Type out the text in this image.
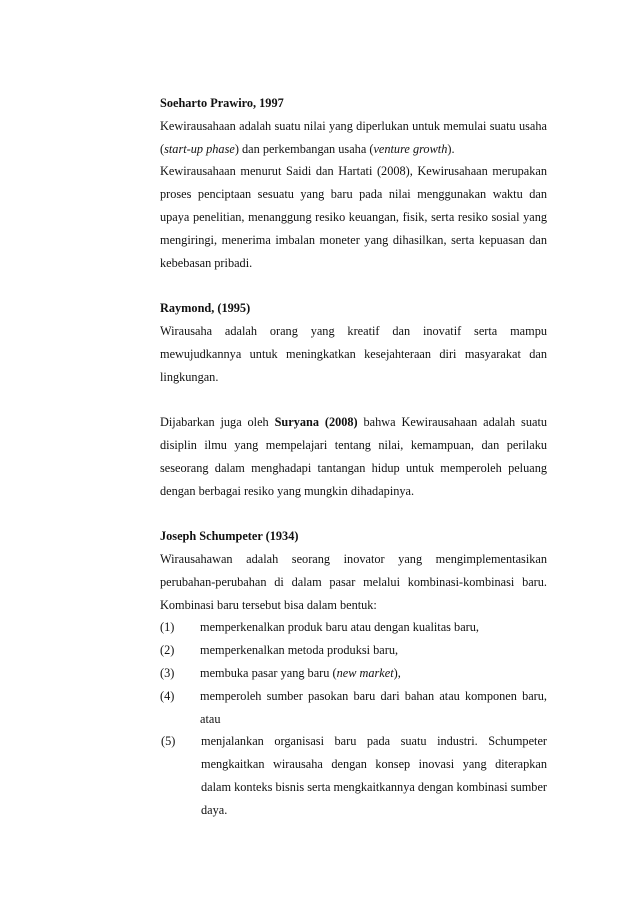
Soeharto Prawiro, 1997

Kewirausahaan adalah suatu nilai yang diperlukan untuk memulai suatu usaha (start-up phase) dan perkembangan usaha (venture growth).

Kewirausahaan menurut Saidi dan Hartati (2008), Kewirusahaan merupakan proses penciptaan sesuatu yang baru pada nilai menggunakan waktu dan upaya penelitian, menanggung resiko keuangan, fisik, serta resiko sosial yang mengiringi, menerima imbalan moneter yang dihasilkan, serta kepuasan dan kebebasan pribadi.

Raymond, (1995)

Wirausaha adalah orang yang kreatif dan inovatif serta mampu mewujudkannya untuk meningkatkan kesejahteraan diri masyarakat dan lingkungan.

Dijabarkan juga oleh Suryana (2008) bahwa Kewirausahaan adalah suatu disiplin ilmu yang mempelajari tentang nilai, kemampuan, dan perilaku seseorang dalam menghadapi tantangan hidup untuk memperoleh peluang dengan berbagai resiko yang mungkin dihadapinya.

Joseph Schumpeter (1934)

Wirausahawan adalah seorang inovator yang mengimplementasikan perubahan-perubahan di dalam pasar melalui kombinasi-kombinasi baru. Kombinasi baru tersebut bisa dalam bentuk:

(1)	memperkenalkan produk baru atau dengan kualitas baru,
(2)	memperkenalkan metoda produksi baru,
(3)	membuka pasar yang baru (new market),
(4)	memperoleh sumber pasokan baru dari bahan atau komponen baru, atau
(5)	menjalankan organisasi baru pada suatu industri. Schumpeter mengkaitkan wirausaha dengan konsep inovasi yang diterapkan dalam konteks bisnis serta mengkaitkannya dengan kombinasi sumber daya.
